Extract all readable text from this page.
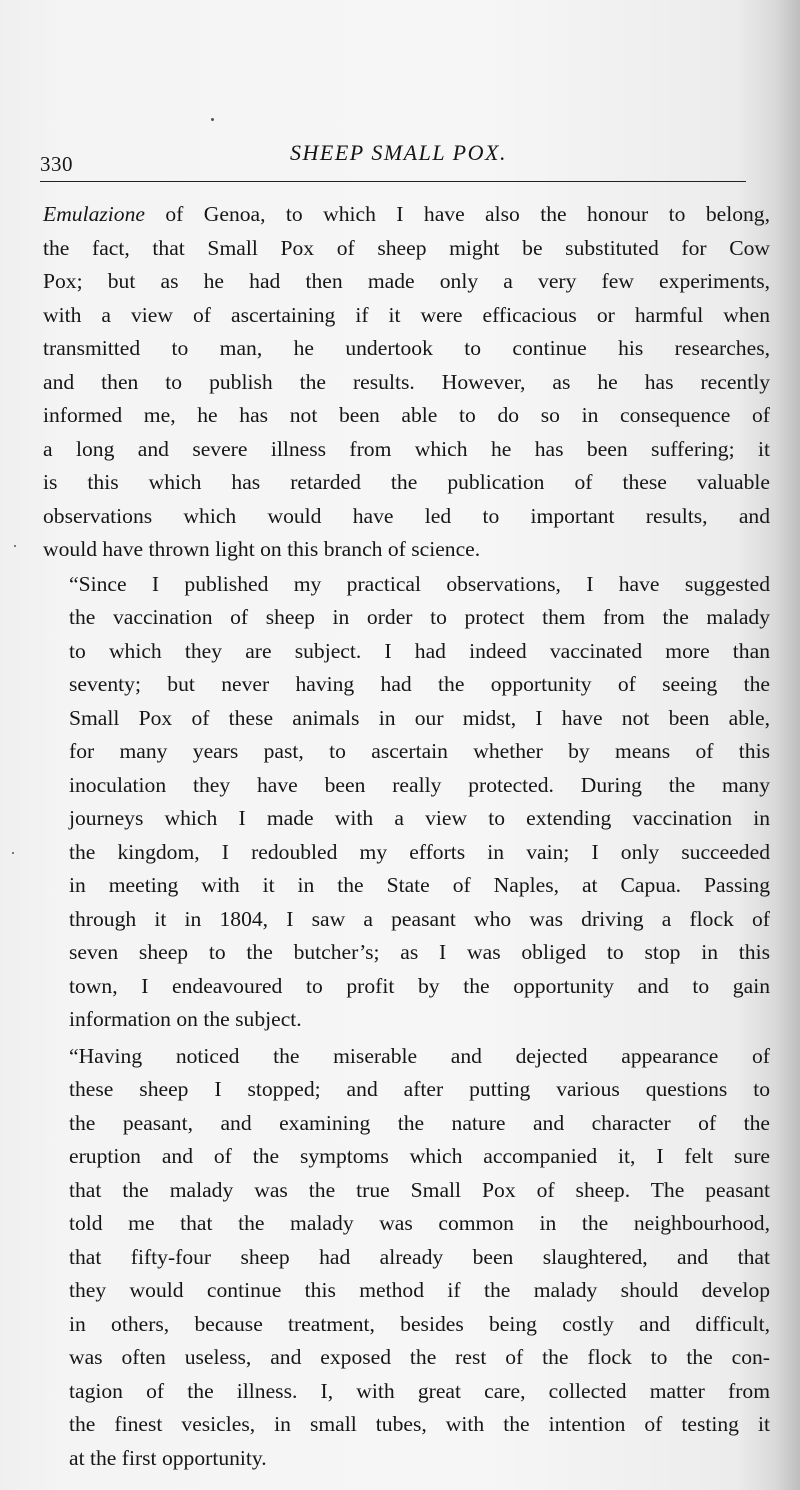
330	SHEEP SMALL POX.

Emulazione of Genoa, to which I have also the honour to belong,
the fact, that Small Pox of sheep might be substituted for Cow
Pox; but as he had then made only a very few experiments,
with a view of ascertaining if it were efficacious or harmful when
transmitted to man, he undertook to continue his researches,
and then to publish the results. However, as he has recently
informed me, he has not been able to do so in consequence of
a long and severe illness from which he has been suffering; it
is this which has retarded the publication of these valuable
observations which would have led to important results, and
would have thrown light on this branch of science.

“Since I published my practical observations, I have suggested
the vaccination of sheep in order to protect them from the malady
to which they are subject. I had indeed vaccinated more than
seventy; but never having had the opportunity of seeing the
Small Pox of these animals in our midst, I have not been able,
for many years past, to ascertain whether by means of this
inoculation they have been really protected. During the many
journeys which I made with a view to extending vaccination in
the kingdom, I redoubled my efforts in vain; I only succeeded
in meeting with it in the State of Naples, at Capua. Passing
through it in 1804, I saw a peasant who was driving a flock of
seven sheep to the butcher’s; as I was obliged to stop in this
town, I endeavoured to profit by the opportunity and to gain
information on the subject.

“Having noticed the miserable and dejected appearance of
these sheep I stopped; and after putting various questions to
the peasant, and examining the nature and character of the
eruption and of the symptoms which accompanied it, I felt sure
that the malady was the true Small Pox of sheep. The peasant
told me that the malady was common in the neighbourhood,
that fifty-four sheep had already been slaughtered, and that
they would continue this method if the malady should develop
in others, because treatment, besides being costly and difficult,
was often useless, and exposed the rest of the flock to the con-
tagion of the illness. I, with great care, collected matter from
the finest vesicles, in small tubes, with the intention of testing it
at the first opportunity.
